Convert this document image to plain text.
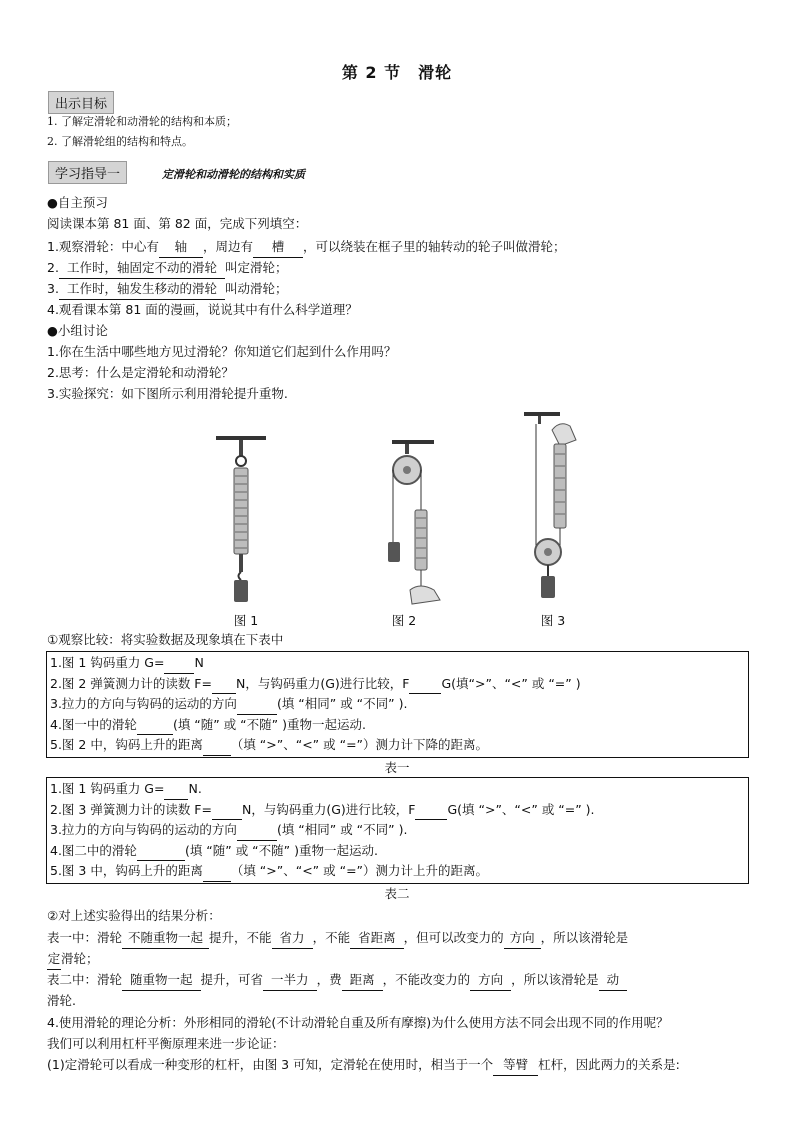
第 2 节　滑轮
出示目标
1. 了解定滑轮和动滑轮的结构和本质；
2. 了解滑轮组的结构和特点。
学习指导一	定滑轮和动滑轮的结构和实质
●自主预习
阅读课本第 81 面、第 82 面，完成下列填空：
1.观察滑轮：中心有 轴 ，周边有 槽 ，可以绕装在框子里的轴转动的轮子叫做滑轮；
2. 工作时，轴固定不动的滑轮 叫定滑轮；
3. 工作时，轴发生移动的滑轮 叫动滑轮；
4.观看课本第 81 面的漫画，说说其中有什么科学道理？
●小组讨论
1.你在生活中哪些地方见过滑轮？你知道它们起到什么作用吗？
2.思考：什么是定滑轮和动滑轮？
3.实验探究：如下图所示利用滑轮提升重物.
图 1	图 2	图 3
①观察比较：将实验数据及现象填在下表中
1.图 1 钩码重力 G= N
2.图 2 弹簧测力计的读数 F= N，与钩码重力(G)进行比较，F	G(填“>”、“<” 或 “=” )
3.拉力的方向与钩码的运动的方向	(填 “相同” 或 “不同” ).
4.图一中的滑轮	(填 “随” 或 “不随” )重物一起运动.
5.图 2 中，钩码上升的距离 （填 “>”、“<” 或 “=”）测力计下降的距离。
表一
1.图 1 钩码重力 G= N.
2.图 3 弹簧测力计的读数 F= N，与钩码重力(G)进行比较，F	G(填 “>”、“<” 或 “=” ).
3.拉力的方向与钩码的运动的方向	(填 “相同” 或 “不同” ).
4.图二中的滑轮	(填 “随” 或 “不随” )重物一起运动.
5.图 3 中，钩码上升的距离 （填 “>”、“<” 或 “=”）测力计上升的距离。
表二
②对上述实验得出的结果分析：
表一中：滑轮 不随重物一起 提升，不能 省力 ，不能 省距离 ，但可以改变力的 方向 ，所以该滑轮是
定滑轮；
表二中：滑轮 随重物一起 提升，可省 一半力 ，费 距离 ，不能改变力的 方向 ，所以该滑轮是 动
滑轮.
4.使用滑轮的理论分析：外形相同的滑轮(不计动滑轮自重及所有摩擦)为什么使用方法不同会出现不同的作用呢？
我们可以利用杠杆平衡原理来进一步论证：
(1)定滑轮可以看成一种变形的杠杆，由图 3 可知，定滑轮在使用时，相当于一个 等臂 杠杆，因此两力的关系是:
